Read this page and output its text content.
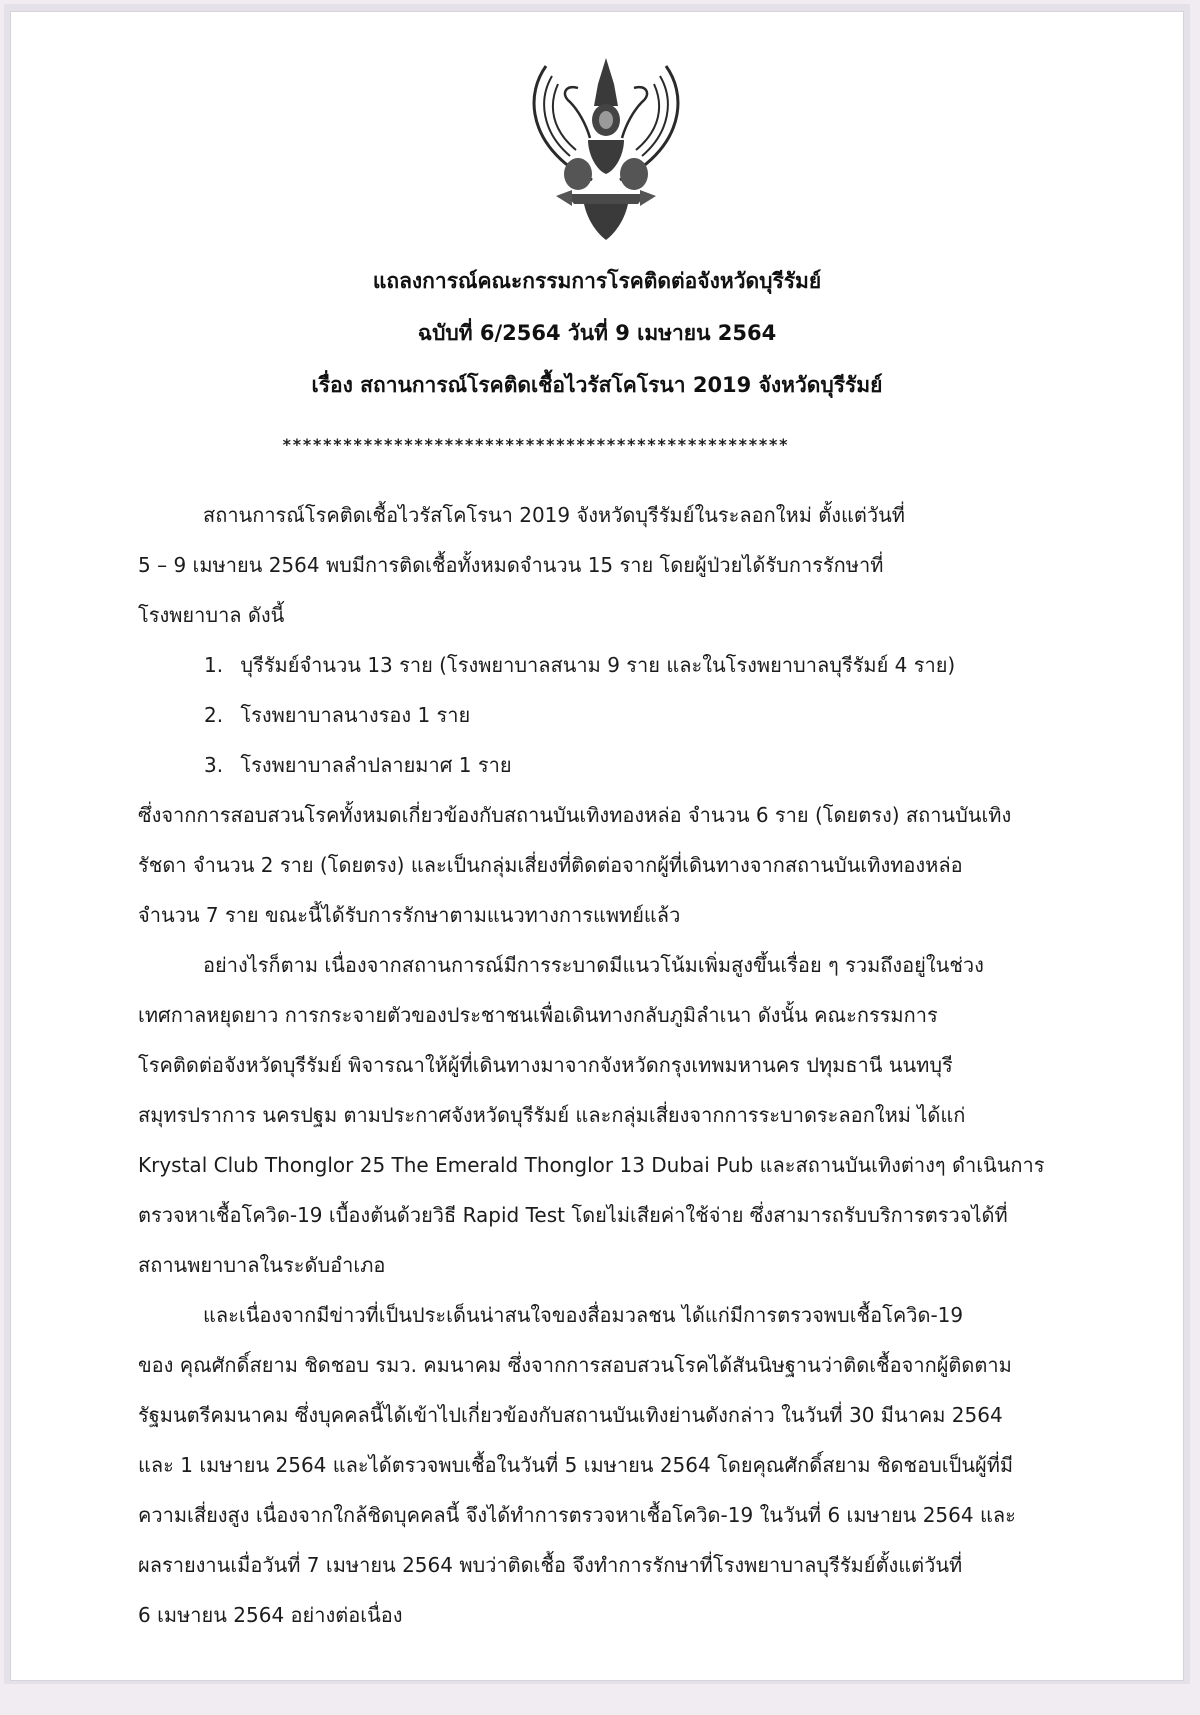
แถลงการณ์คณะกรรมการโรคติดต่อจังหวัดบุรีรัมย์
ฉบับที่ 6/2564 วันที่ 9 เมษายน 2564
เรื่อง สถานการณ์โรคติดเชื้อไวรัสโคโรนา 2019 จังหวัดบุรีรัมย์
**************************************************
สถานการณ์โรคติดเชื้อไวรัสโคโรนา 2019 จังหวัดบุรีรัมย์ในระลอกใหม่ ตั้งแต่วันที่
5 – 9 เมษายน 2564 พบมีการติดเชื้อทั้งหมดจำนวน 15 ราย โดยผู้ป่วยได้รับการรักษาที่
โรงพยาบาล ดังนี้
1. บุรีรัมย์จำนวน 13 ราย (โรงพยาบาลสนาม 9 ราย และในโรงพยาบาลบุรีรัมย์ 4 ราย)
2. โรงพยาบาลนางรอง 1 ราย
3. โรงพยาบาลลำปลายมาศ 1 ราย
ซึ่งจากการสอบสวนโรคทั้งหมดเกี่ยวข้องกับสถานบันเทิงทองหล่อ จำนวน 6 ราย (โดยตรง) สถานบันเทิง
รัชดา จำนวน 2 ราย (โดยตรง) และเป็นกลุ่มเสี่ยงที่ติดต่อจากผู้ที่เดินทางจากสถานบันเทิงทองหล่อ
จำนวน 7 ราย ขณะนี้ได้รับการรักษาตามแนวทางการแพทย์แล้ว
อย่างไรก็ตาม เนื่องจากสถานการณ์มีการระบาดมีแนวโน้มเพิ่มสูงขึ้นเรื่อย ๆ รวมถึงอยู่ในช่วง
เทศกาลหยุดยาว การกระจายตัวของประชาชนเพื่อเดินทางกลับภูมิลำเนา ดังนั้น คณะกรรมการ
โรคติดต่อจังหวัดบุรีรัมย์ พิจารณาให้ผู้ที่เดินทางมาจากจังหวัดกรุงเทพมหานคร ปทุมธานี นนทบุรี
สมุทรปราการ นครปฐม ตามประกาศจังหวัดบุรีรัมย์ และกลุ่มเสี่ยงจากการระบาดระลอกใหม่ ได้แก่
Krystal Club Thonglor 25 The Emerald Thonglor 13 Dubai Pub และสถานบันเทิงต่างๆ ดำเนินการ
ตรวจหาเชื้อโควิด-19 เบื้องต้นด้วยวิธี Rapid Test โดยไม่เสียค่าใช้จ่าย ซึ่งสามารถรับบริการตรวจได้ที่
สถานพยาบาลในระดับอำเภอ
และเนื่องจากมีข่าวที่เป็นประเด็นน่าสนใจของสื่อมวลชน ได้แก่มีการตรวจพบเชื้อโควิด-19
ของ คุณศักดิ์สยาม ชิดชอบ รมว. คมนาคม ซึ่งจากการสอบสวนโรคได้สันนิษฐานว่าติดเชื้อจากผู้ติดตาม
รัฐมนตรีคมนาคม ซึ่งบุคคลนี้ได้เข้าไปเกี่ยวข้องกับสถานบันเทิงย่านดังกล่าว ในวันที่ 30 มีนาคม 2564
และ 1 เมษายน 2564 และได้ตรวจพบเชื้อในวันที่ 5 เมษายน 2564 โดยคุณศักดิ์สยาม ชิดชอบเป็นผู้ที่มี
ความเสี่ยงสูง เนื่องจากใกล้ชิดบุคคลนี้ จึงได้ทำการตรวจหาเชื้อโควิด-19 ในวันที่ 6 เมษายน 2564 และ
ผลรายงานเมื่อวันที่ 7 เมษายน 2564 พบว่าติดเชื้อ จึงทำการรักษาที่โรงพยาบาลบุรีรัมย์ตั้งแต่วันที่
6 เมษายน 2564 อย่างต่อเนื่อง
